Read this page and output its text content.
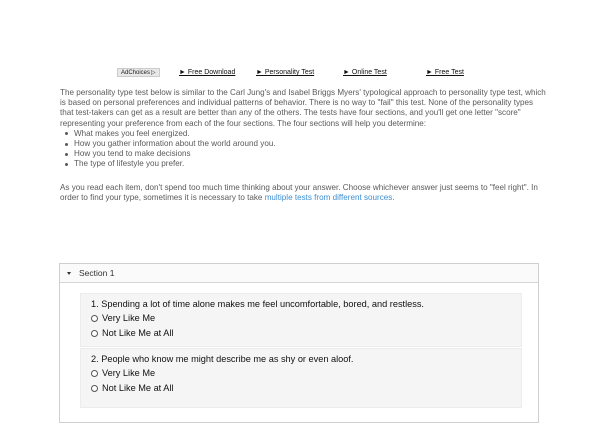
AdChoices▷	► Free Download	► Personality Test	► Online Test	► Free Test

The personality type test below is similar to the Carl Jung's and Isabel Briggs Myers' typological approach to personality type test, which is based on personal preferences and individual patterns of behavior. There is no way to "fail" this test. None of the personality types that test-takers can get as a result are better than any of the others. The tests have four sections, and you'll get one letter "score" representing your preference from each of the four sections. The four sections will help you determine:

What makes you feel energized.
How you gather information about the world around you.
How you tend to make decisions
The type of lifestyle you prefer.
As you read each item, don't spend too much time thinking about your answer. Choose whichever answer just seems to "feel right". In order to find your type, sometimes it is necessary to take multiple tests from different sources.
Section 1
1. Spending a lot of time alone makes me feel uncomfortable, bored, and restless.
Very Like Me
Not Like Me at All
2. People who know me might describe me as shy or even aloof.
Very Like Me
Not Like Me at All
